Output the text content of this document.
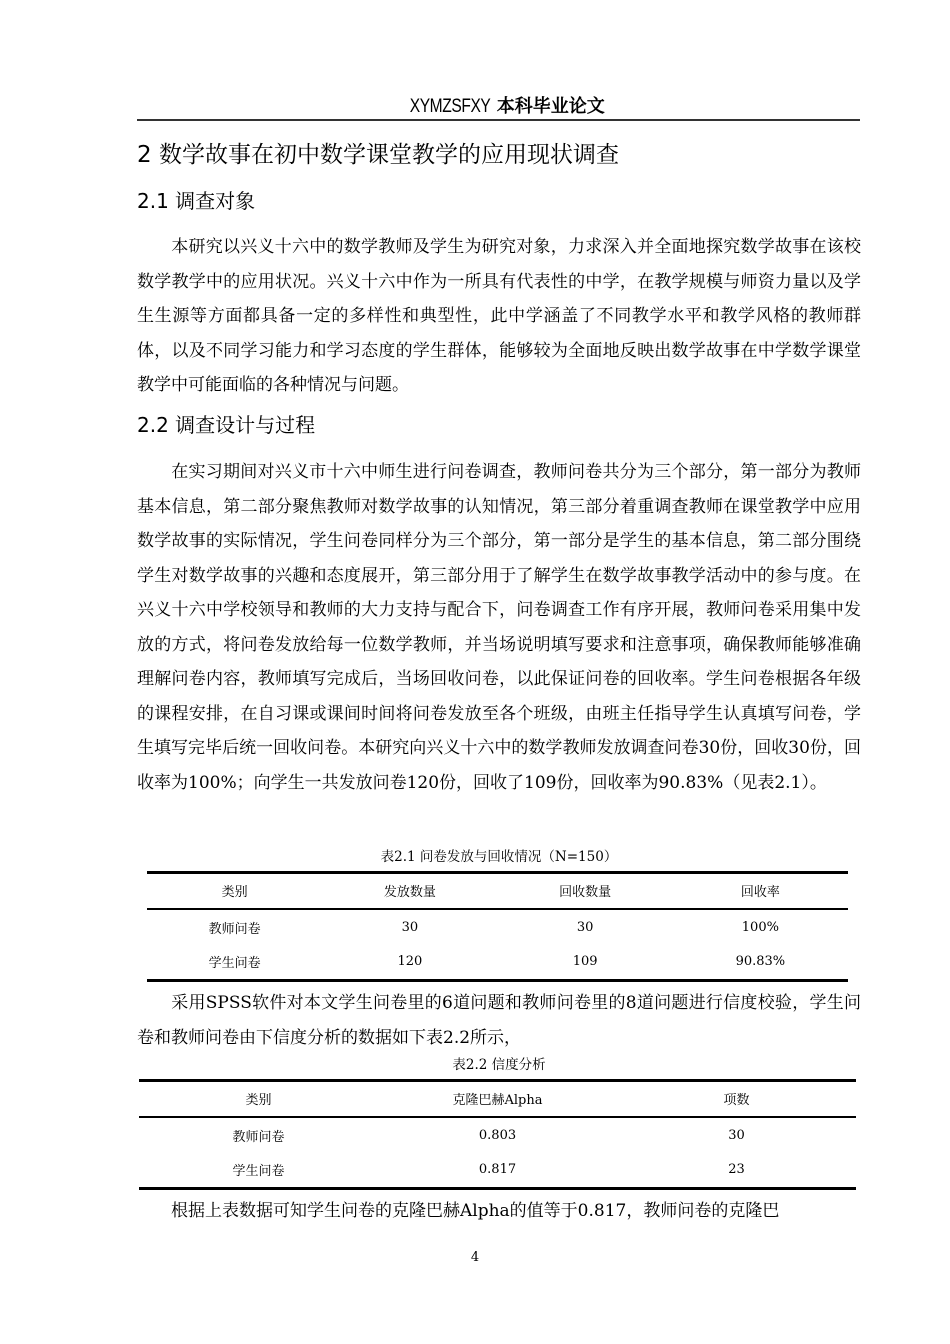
XYMZSFXY 本科毕业论文
2 数学故事在初中数学课堂教学的应用现状调查
2.1 调查对象
本研究以兴义十六中的数学教师及学生为研究对象，力求深入并全面地探究数学故事在该校数学教学中的应用状况。兴义十六中作为一所具有代表性的中学，在教学规模与师资力量以及学生生源等方面都具备一定的多样性和典型性，此中学涵盖了不同教学水平和教学风格的教师群体，以及不同学习能力和学习态度的学生群体，能够较为全面地反映出数学故事在中学数学课堂教学中可能面临的各种情况与问题。
2.2 调查设计与过程
在实习期间对兴义市十六中师生进行问卷调查，教师问卷共分为三个部分，第一部分为教师基本信息，第二部分聚焦教师对数学故事的认知情况，第三部分着重调查教师在课堂教学中应用数学故事的实际情况，学生问卷同样分为三个部分，第一部分是学生的基本信息，第二部分围绕学生对数学故事的兴趣和态度展开，第三部分用于了解学生在数学故事教学活动中的参与度。在兴义十六中学校领导和教师的大力支持与配合下，问卷调查工作有序开展，教师问卷采用集中发放的方式，将问卷发放给每一位数学教师，并当场说明填写要求和注意事项，确保教师能够准确理解问卷内容，教师填写完成后，当场回收问卷，以此保证问卷的回收率。学生问卷根据各年级的课程安排，在自习课或课间时间将问卷发放至各个班级，由班主任指导学生认真填写问卷，学生填写完毕后统一回收问卷。本研究向兴义十六中的数学教师发放调查问卷30份，回收30份，回收率为100%；向学生一共发放问卷120份，回收了109份，回收率为90.83%（见表2.1）。
表2.1 问卷发放与回收情况（N=150）
类别	发放数量	回收数量	回收率
教师问卷	30	30	100%
学生问卷	120	109	90.83%
采用SPSS软件对本文学生问卷里的6道问题和教师问卷里的8道问题进行信度校验，学生问卷和教师问卷由下信度分析的数据如下表2.2所示，
表2.2 信度分析
类别	克隆巴赫Alpha	项数
教师问卷	0.803	30
学生问卷	0.817	23
根据上表数据可知学生问卷的克隆巴赫Alpha的值等于0.817，教师问卷的克隆巴
4
